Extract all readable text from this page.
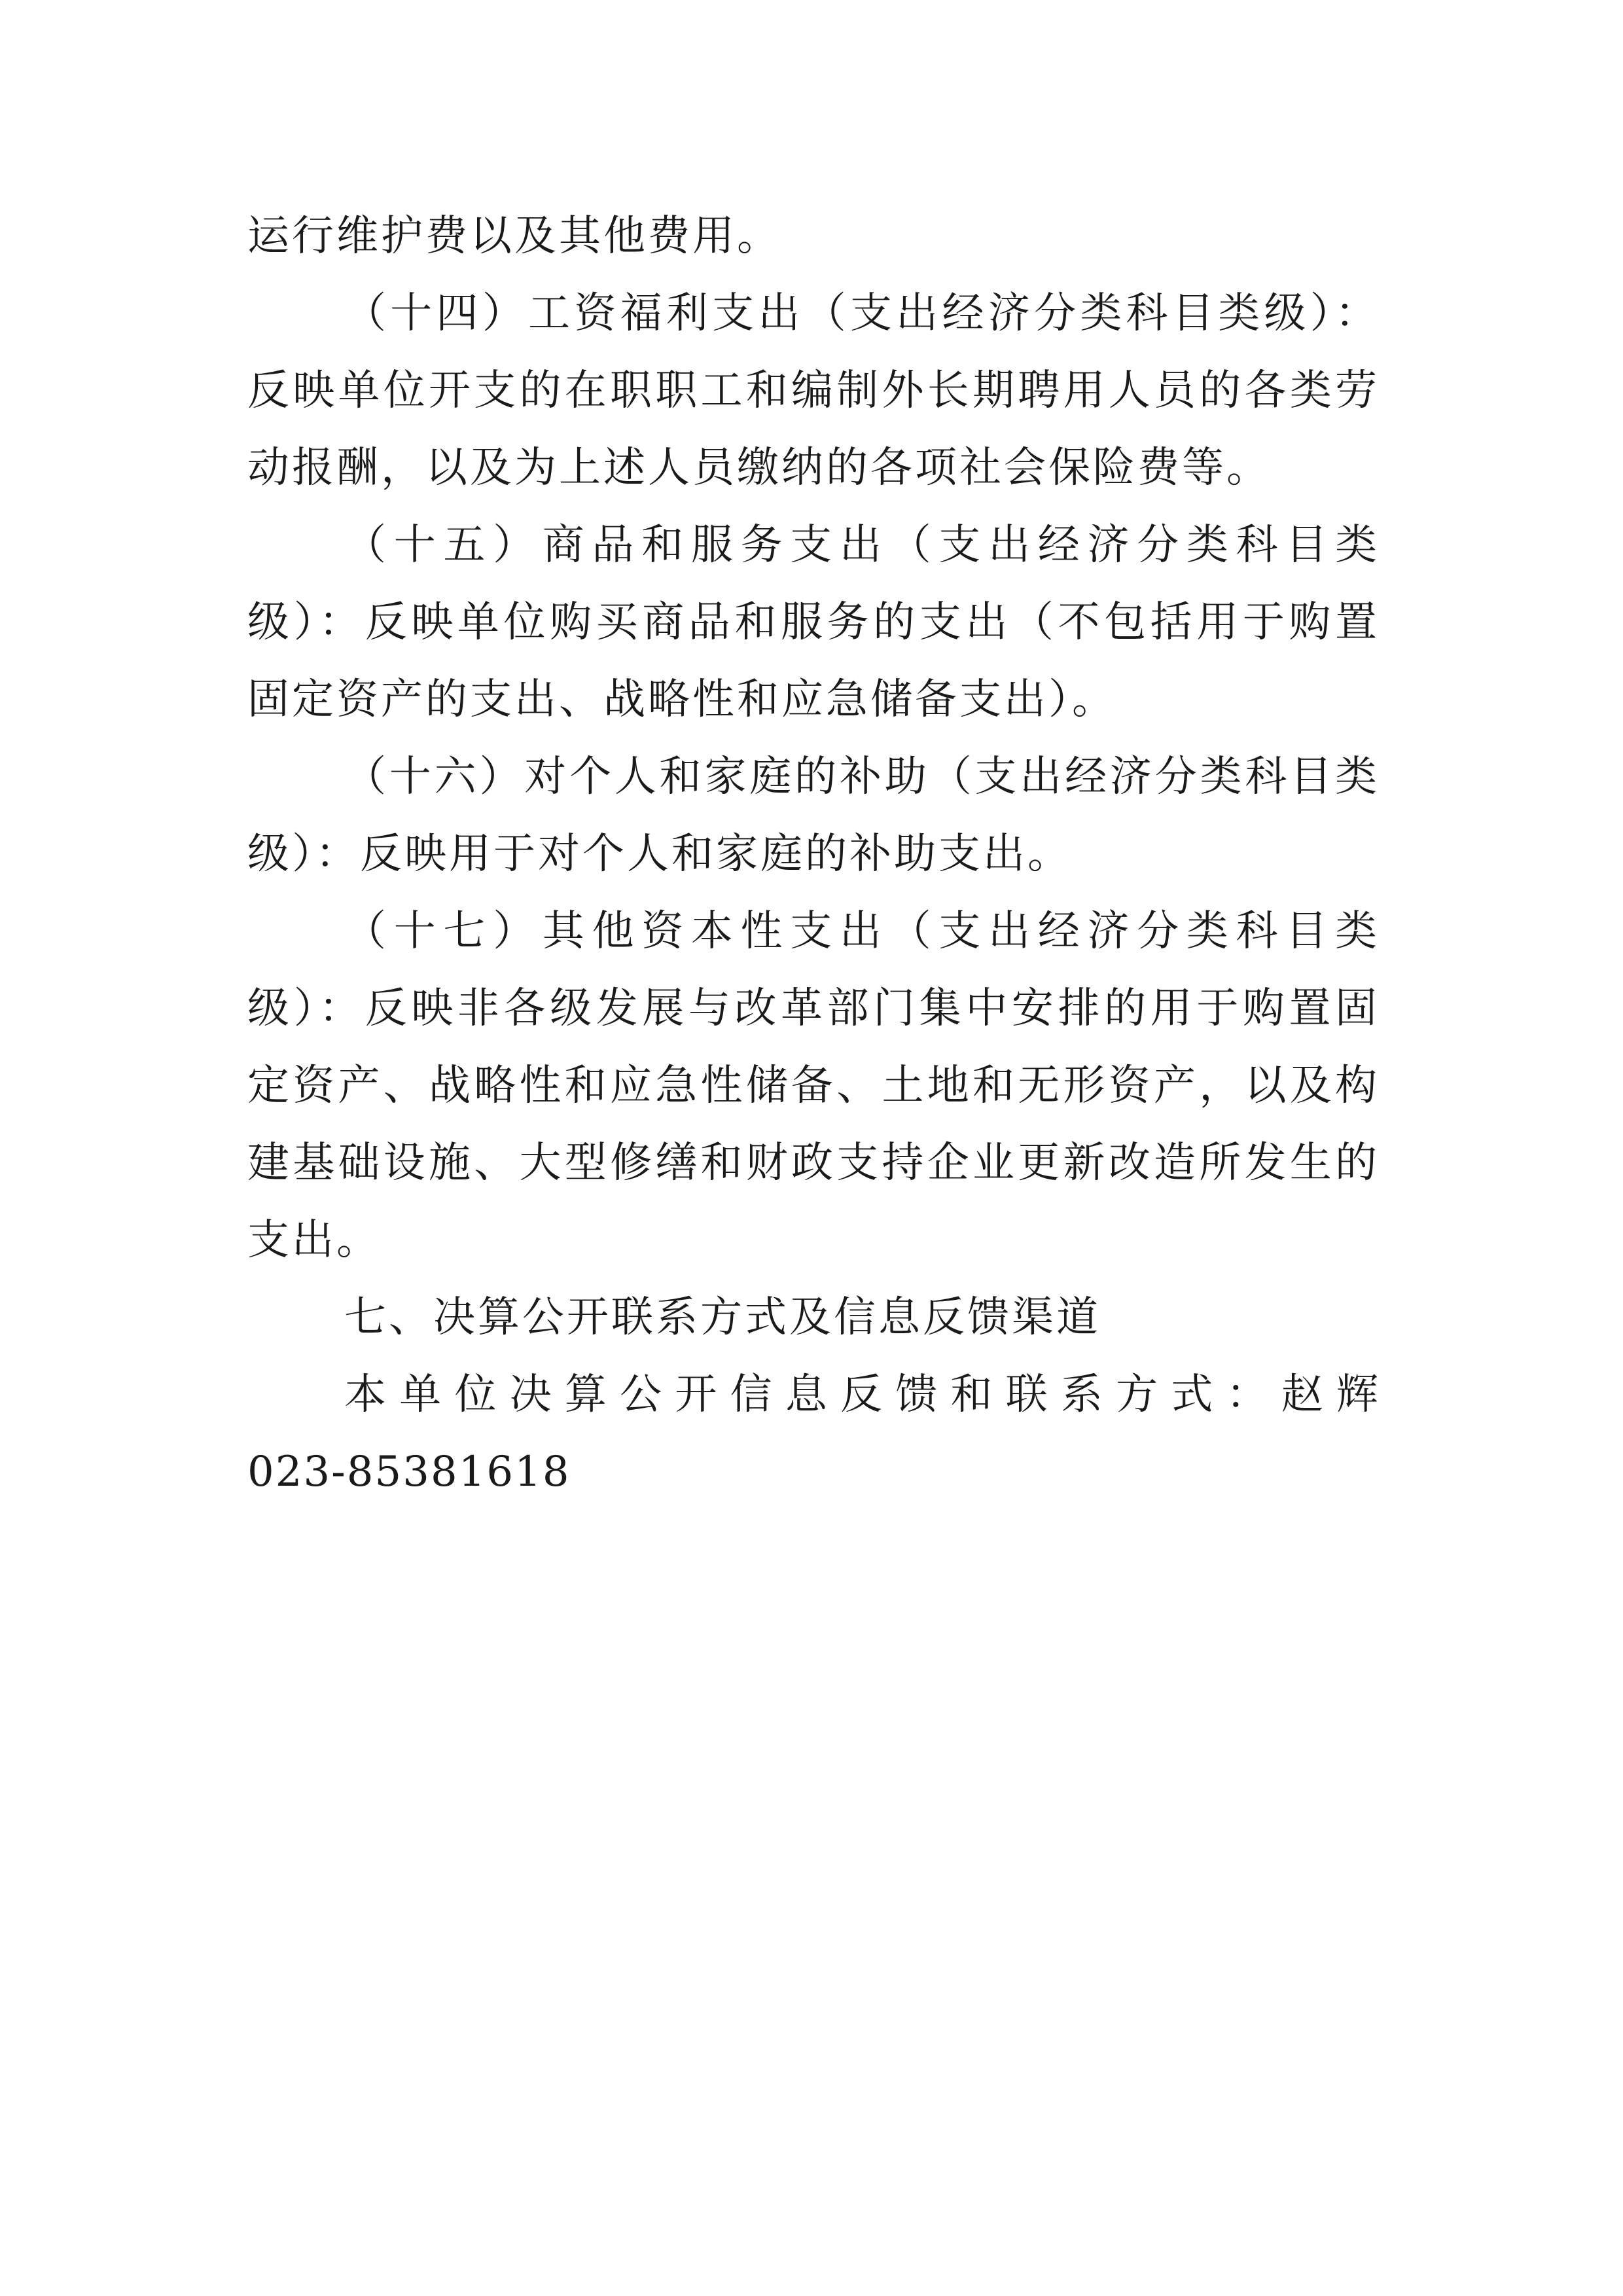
运行维护费以及其他费用。

（十四）工资福利支出（支出经济分类科目类级）：反映单位开支的在职职工和编制外长期聘用人员的各类劳动报酬，以及为上述人员缴纳的各项社会保险费等。

（十五）商品和服务支出（支出经济分类科目类级）：反映单位购买商品和服务的支出（不包括用于购置固定资产的支出、战略性和应急储备支出）。

（十六）对个人和家庭的补助（支出经济分类科目类级）：反映用于对个人和家庭的补助支出。

（十七）其他资本性支出（支出经济分类科目类级）：反映非各级发展与改革部门集中安排的用于购置固定资产、战略性和应急性储备、土地和无形资产，以及构建基础设施、大型修缮和财政支持企业更新改造所发生的支出。

七、决算公开联系方式及信息反馈渠道

本单位决算公开信息反馈和联系方式：赵辉

023-85381618
